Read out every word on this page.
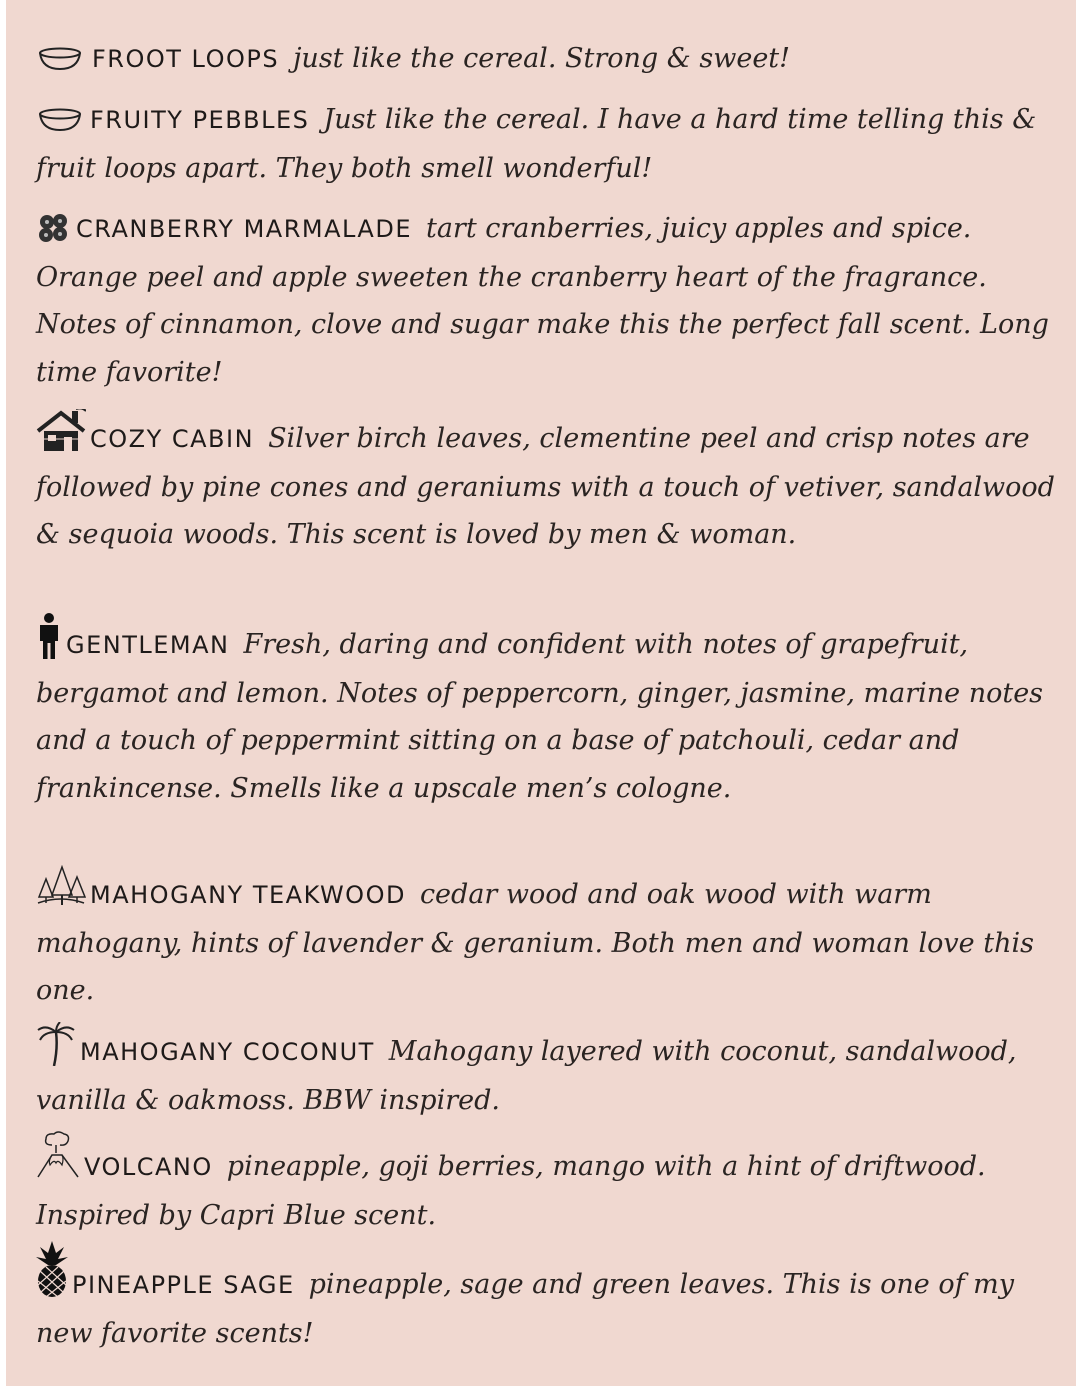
FROOT LOOPS just like the cereal. Strong & sweet!

FRUITY PEBBLES Just like the cereal. I have a hard time telling this & fruit loops apart. They both smell wonderful!

CRANBERRY MARMALADE tart cranberries, juicy apples and spice. Orange peel and apple sweeten the cranberry heart of the fragrance. Notes of cinnamon, clove and sugar make this the perfect fall scent. Long time favorite!

COZY CABIN Silver birch leaves, clementine peel and crisp notes are followed by pine cones and geraniums with a touch of vetiver, sandalwood & sequoia woods. This scent is loved by men & woman.

GENTLEMAN Fresh, daring and confident with notes of grapefruit, bergamot and lemon. Notes of peppercorn, ginger, jasmine, marine notes and a touch of peppermint sitting on a base of patchouli, cedar and frankincense. Smells like a upscale men’s cologne.

MAHOGANY TEAKWOOD cedar wood and oak wood with warm mahogany, hints of lavender & geranium. Both men and woman love this one.

MAHOGANY COCONUT Mahogany layered with coconut, sandalwood, vanilla & oakmoss. BBW inspired.

VOLCANO pineapple, goji berries, mango with a hint of driftwood. Inspired by Capri Blue scent.

PINEAPPLE SAGE pineapple, sage and green leaves. This is one of my new favorite scents!
